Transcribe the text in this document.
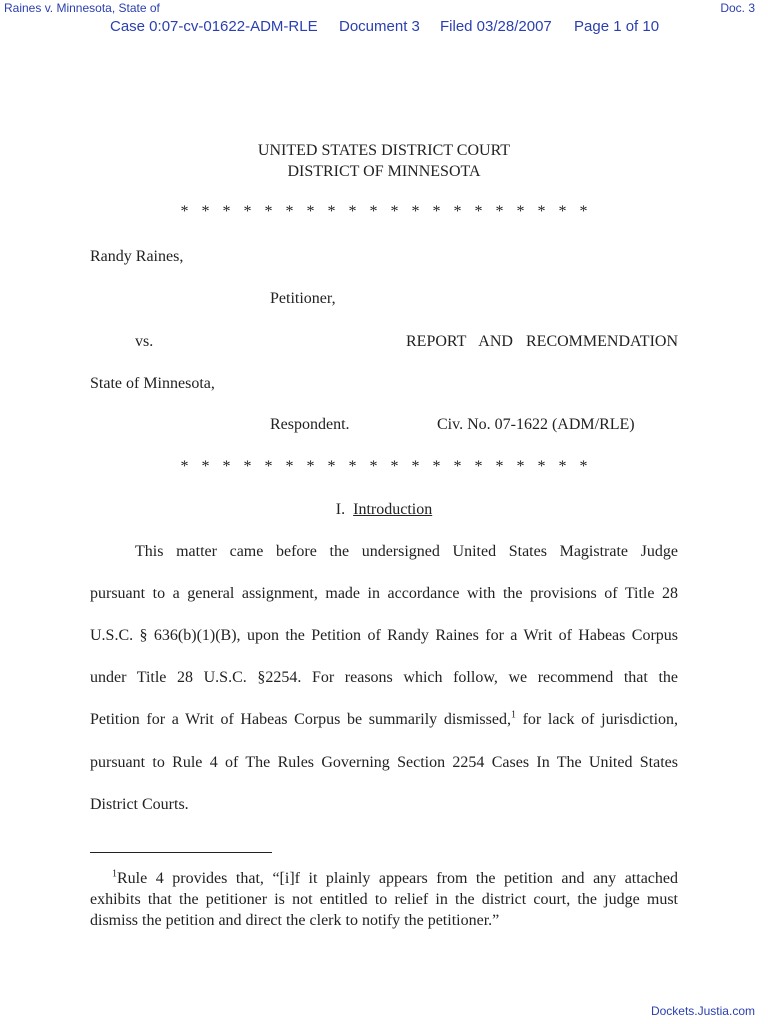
Raines v. Minnesota, State of	Doc. 3
Case 0:07-cv-01622-ADM-RLE Document 3 Filed 03/28/2007 Page 1 of 10
UNITED STATES DISTRICT COURT
DISTRICT OF MINNESOTA
* * * * * * * * * * * * * * * * * * * *
Randy Raines,
Petitioner,
vs.	REPORT AND RECOMMENDATION
State of Minnesota,
Respondent.	Civ. No. 07-1622 (ADM/RLE)
* * * * * * * * * * * * * * * * * * * *
I. Introduction
This matter came before the undersigned United States Magistrate Judge
pursuant to a general assignment, made in accordance with the provisions of Title 28
U.S.C. § 636(b)(1)(B), upon the Petition of Randy Raines for a Writ of Habeas Corpus
under Title 28 U.S.C. §2254. For reasons which follow, we recommend that the
Petition for a Writ of Habeas Corpus be summarily dismissed,$^1$ for lack of jurisdiction,
pursuant to Rule 4 of The Rules Governing Section 2254 Cases In The United States
District Courts.
$^1$Rule 4 provides that, “[i]f it plainly appears from the petition and any attached
exhibits that the petitioner is not entitled to relief in the district court, the judge must
dismiss the petition and direct the clerk to notify the petitioner.”
Dockets.Justia.com
